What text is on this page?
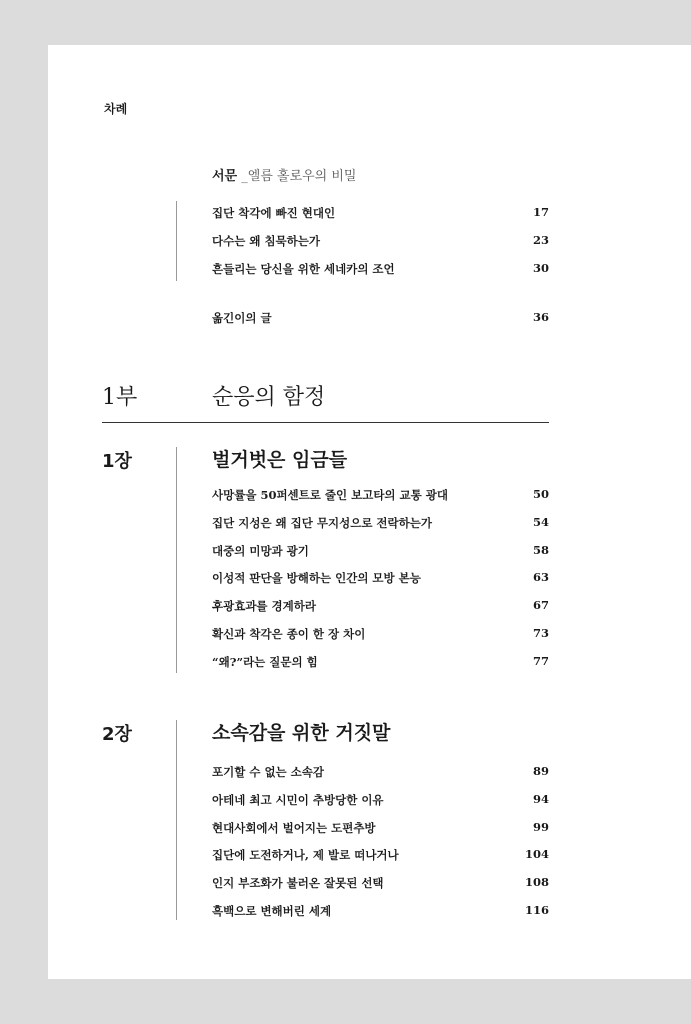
차례
서문 _엘름 홀로우의 비밀
집단 착각에 빠진 현대인	17
다수는 왜 침묵하는가	23
흔들리는 당신을 위한 세네카의 조언	30
옮긴이의 글	36
1부	순응의 함정
1장	벌거벗은 임금들
사망률을 50퍼센트로 줄인 보고타의 교통 광대	50
집단 지성은 왜 집단 무지성으로 전락하는가	54
대중의 미망과 광기	58
이성적 판단을 방해하는 인간의 모방 본능	63
후광효과를 경계하라	67
확신과 착각은 종이 한 장 차이	73
“왜?”라는 질문의 힘	77
2장	소속감을 위한 거짓말
포기할 수 없는 소속감	89
아테네 최고 시민이 추방당한 이유	94
현대사회에서 벌어지는 도편추방	99
집단에 도전하거나, 제 발로 떠나거나	104
인지 부조화가 불러온 잘못된 선택	108
흑백으로 변해버린 세계	116
